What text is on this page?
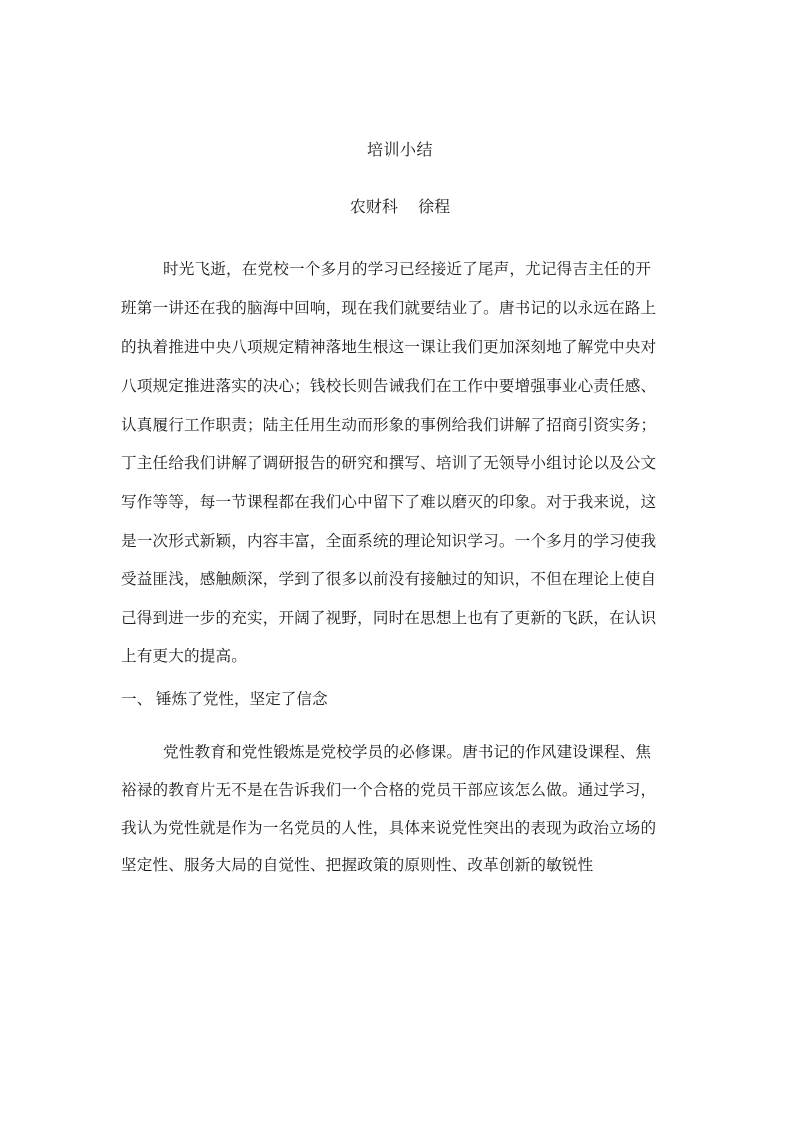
培训小结
农财科    徐程
时光飞逝，在党校一个多月的学习已经接近了尾声，尤记得吉主任的开
班第一讲还在我的脑海中回响，现在我们就要结业了。唐书记的以永远在路上
的执着推进中央八项规定精神落地生根这一课让我们更加深刻地了解党中央对
八项规定推进落实的决心；钱校长则告诫我们在工作中要增强事业心责任感、
认真履行工作职责；陆主任用生动而形象的事例给我们讲解了招商引资实务；
丁主任给我们讲解了调研报告的研究和撰写、培训了无领导小组讨论以及公文
写作等等，每一节课程都在我们心中留下了难以磨灭的印象。对于我来说，这
是一次形式新颖，内容丰富，全面系统的理论知识学习。一个多月的学习使我
受益匪浅，感触颇深，学到了很多以前没有接触过的知识，不但在理论上使自
己得到进一步的充实，开阔了视野，同时在思想上也有了更新的飞跃，在认识
上有更大的提高。
一、 锤炼了党性，坚定了信念
党性教育和党性锻炼是党校学员的必修课。唐书记的作风建设课程、焦
裕禄的教育片无不是在告诉我们一个合格的党员干部应该怎么做。通过学习，
我认为党性就是作为一名党员的人性，具体来说党性突出的表现为政治立场的
坚定性、服务大局的自觉性、把握政策的原则性、改革创新的敏锐性
